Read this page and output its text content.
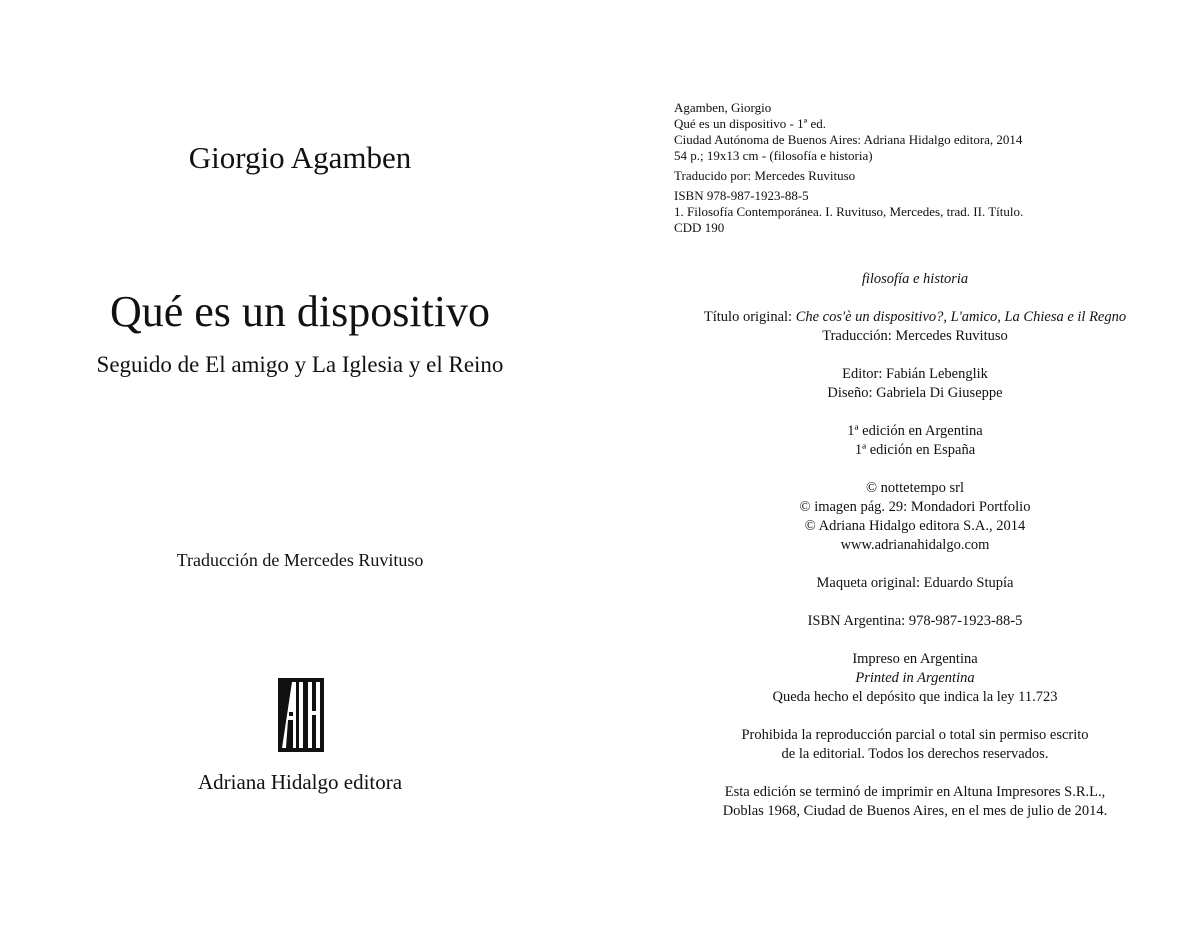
Giorgio Agamben
Qué es un dispositivo
Seguido de El amigo y La Iglesia y el Reino
Traducción de Mercedes Ruvituso
Adriana Hidalgo editora
Agamben, Giorgio
Qué es un dispositivo - 1ª ed.
Ciudad Autónoma de Buenos Aires: Adriana Hidalgo editora, 2014
54 p.; 19x13 cm - (filosofía e historia)
Traducido por: Mercedes Ruvituso
ISBN 978-987-1923-88-5
1. Filosofía Contemporánea. I. Ruvituso, Mercedes, trad. II. Título.
CDD 190

filosofía e historia

Título original: Che cos'è un dispositivo?, L'amico, La Chiesa e il Regno

Traducción: Mercedes Ruvituso

Editor: Fabián Lebenglik

Diseño: Gabriela Di Giuseppe

1ª edición en Argentina

1ª edición en España

© nottetempo srl

© imagen pág. 29: Mondadori Portfolio

© Adriana Hidalgo editora S.A., 2014

www.adrianahidalgo.com

Maqueta original: Eduardo Stupía

ISBN Argentina: 978-987-1923-88-5

Impreso en Argentina

Printed in Argentina

Queda hecho el depósito que indica la ley 11.723

Prohibida la reproducción parcial o total sin permiso escrito

de la editorial. Todos los derechos reservados.

Esta edición se terminó de imprimir en Altuna Impresores S.R.L.,

Doblas 1968, Ciudad de Buenos Aires, en el mes de julio de 2014.
